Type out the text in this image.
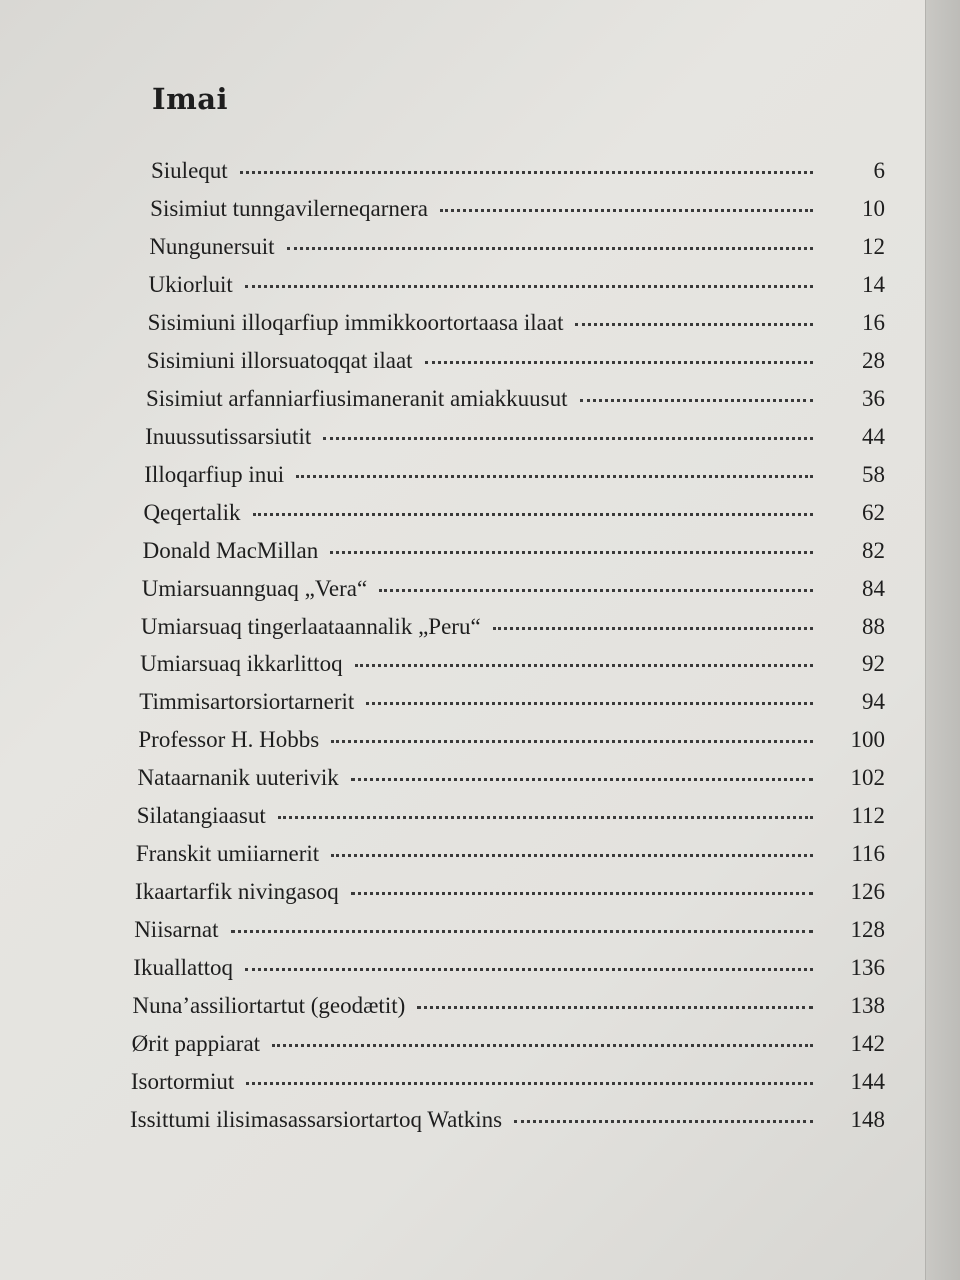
Imai
Siulequt	6
Sisimiut tunngavilerneqarnera	10
Nungunersuit	12
Ukiorluit	14
Sisimiuni illoqarfiup immikkoortortaasa ilaat	16
Sisimiuni illorsuatoqqat ilaat	28
Sisimiut arfanniarfiusimaneranit amiakkuusut	36
Inuussutissarsiutit	44
Illoqarfiup inui	58
Qeqertalik	62
Donald MacMillan	82
Umiarsuannguaq „Vera“	84
Umiarsuaq tingerlaataannalik „Peru“	88
Umiarsuaq ikkarlittoq	92
Timmisartorsiortarnerit	94
Professor H. Hobbs	100
Nataarnanik uuterivik	102
Silatangiaasut	112
Franskit umiiarnerit	116
Ikaartarfik nivingasoq	126
Niisarnat	128
Ikuallattoq	136
Nuna’assiliortartut (geodætit)	138
Ørit pappiarat	142
Isortormiut	144
Issittumi ilisimasassarsiortartoq Watkins	148
